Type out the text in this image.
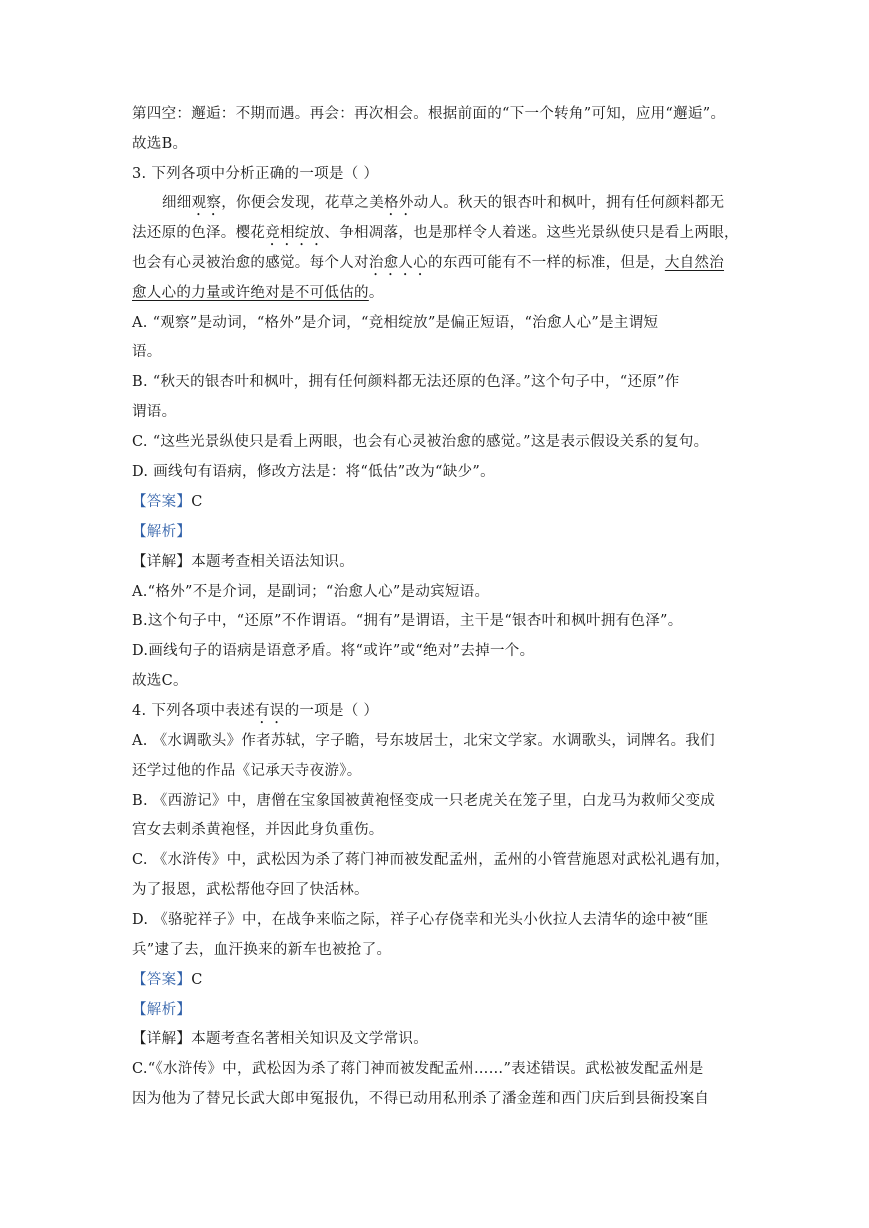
第四空：邂逅：不期而遇。再会：再次相会。根据前面的“下一个转角”可知，应用“邂逅”。
故选B。
3. 下列各项中分析正确的一项是（ ）
细细观察，你便会发现，花草之美格外动人。秋天的银杏叶和枫叶，拥有任何颜料都无
法还原的色泽。樱花竞相绽放、争相凋落，也是那样令人着迷。这些光景纵使只是看上两眼，
也会有心灵被治愈的感觉。每个人对治愈人心的东西可能有不一样的标准，但是，大自然治
愈人心的力量或许绝对是不可低估的。
A. “观察”是动词，“格外”是介词，“竞相绽放”是偏正短语，“治愈人心”是主谓短
语。
B. “秋天的银杏叶和枫叶，拥有任何颜料都无法还原的色泽。”这个句子中，“还原”作
谓语。
C. “这些光景纵使只是看上两眼，也会有心灵被治愈的感觉。”这是表示假设关系的复句。
D. 画线句有语病，修改方法是：将“低估”改为“缺少”。
【答案】C
【解析】
【详解】本题考查相关语法知识。
A.“格外”不是介词，是副词；“治愈人心”是动宾短语。
B.这个句子中，“还原”不作谓语。“拥有”是谓语，主干是“银杏叶和枫叶拥有色泽”。
D.画线句子的语病是语意矛盾。将“或许”或“绝对”去掉一个。
故选C。
4. 下列各项中表述有误的一项是（ ）
A. 《水调歌头》作者苏轼，字子瞻，号东坡居士，北宋文学家。水调歌头，词牌名。我们
还学过他的作品《记承天寺夜游》。
B. 《西游记》中，唐僧在宝象国被黄袍怪变成一只老虎关在笼子里，白龙马为救师父变成
宫女去刺杀黄袍怪，并因此身负重伤。
C. 《水浒传》中，武松因为杀了蒋门神而被发配孟州，孟州的小管营施恩对武松礼遇有加，
为了报恩，武松帮他夺回了快活林。
D. 《骆驼祥子》中，在战争来临之际，祥子心存侥幸和光头小伙拉人去清华的途中被“匪
兵”逮了去，血汗换来的新车也被抢了。
【答案】C
【解析】
【详解】本题考查名著相关知识及文学常识。
C.“《水浒传》中，武松因为杀了蒋门神而被发配孟州……”表述错误。武松被发配孟州是
因为他为了替兄长武大郎申冤报仇，不得已动用私刑杀了潘金莲和西门庆后到县衙投案自
